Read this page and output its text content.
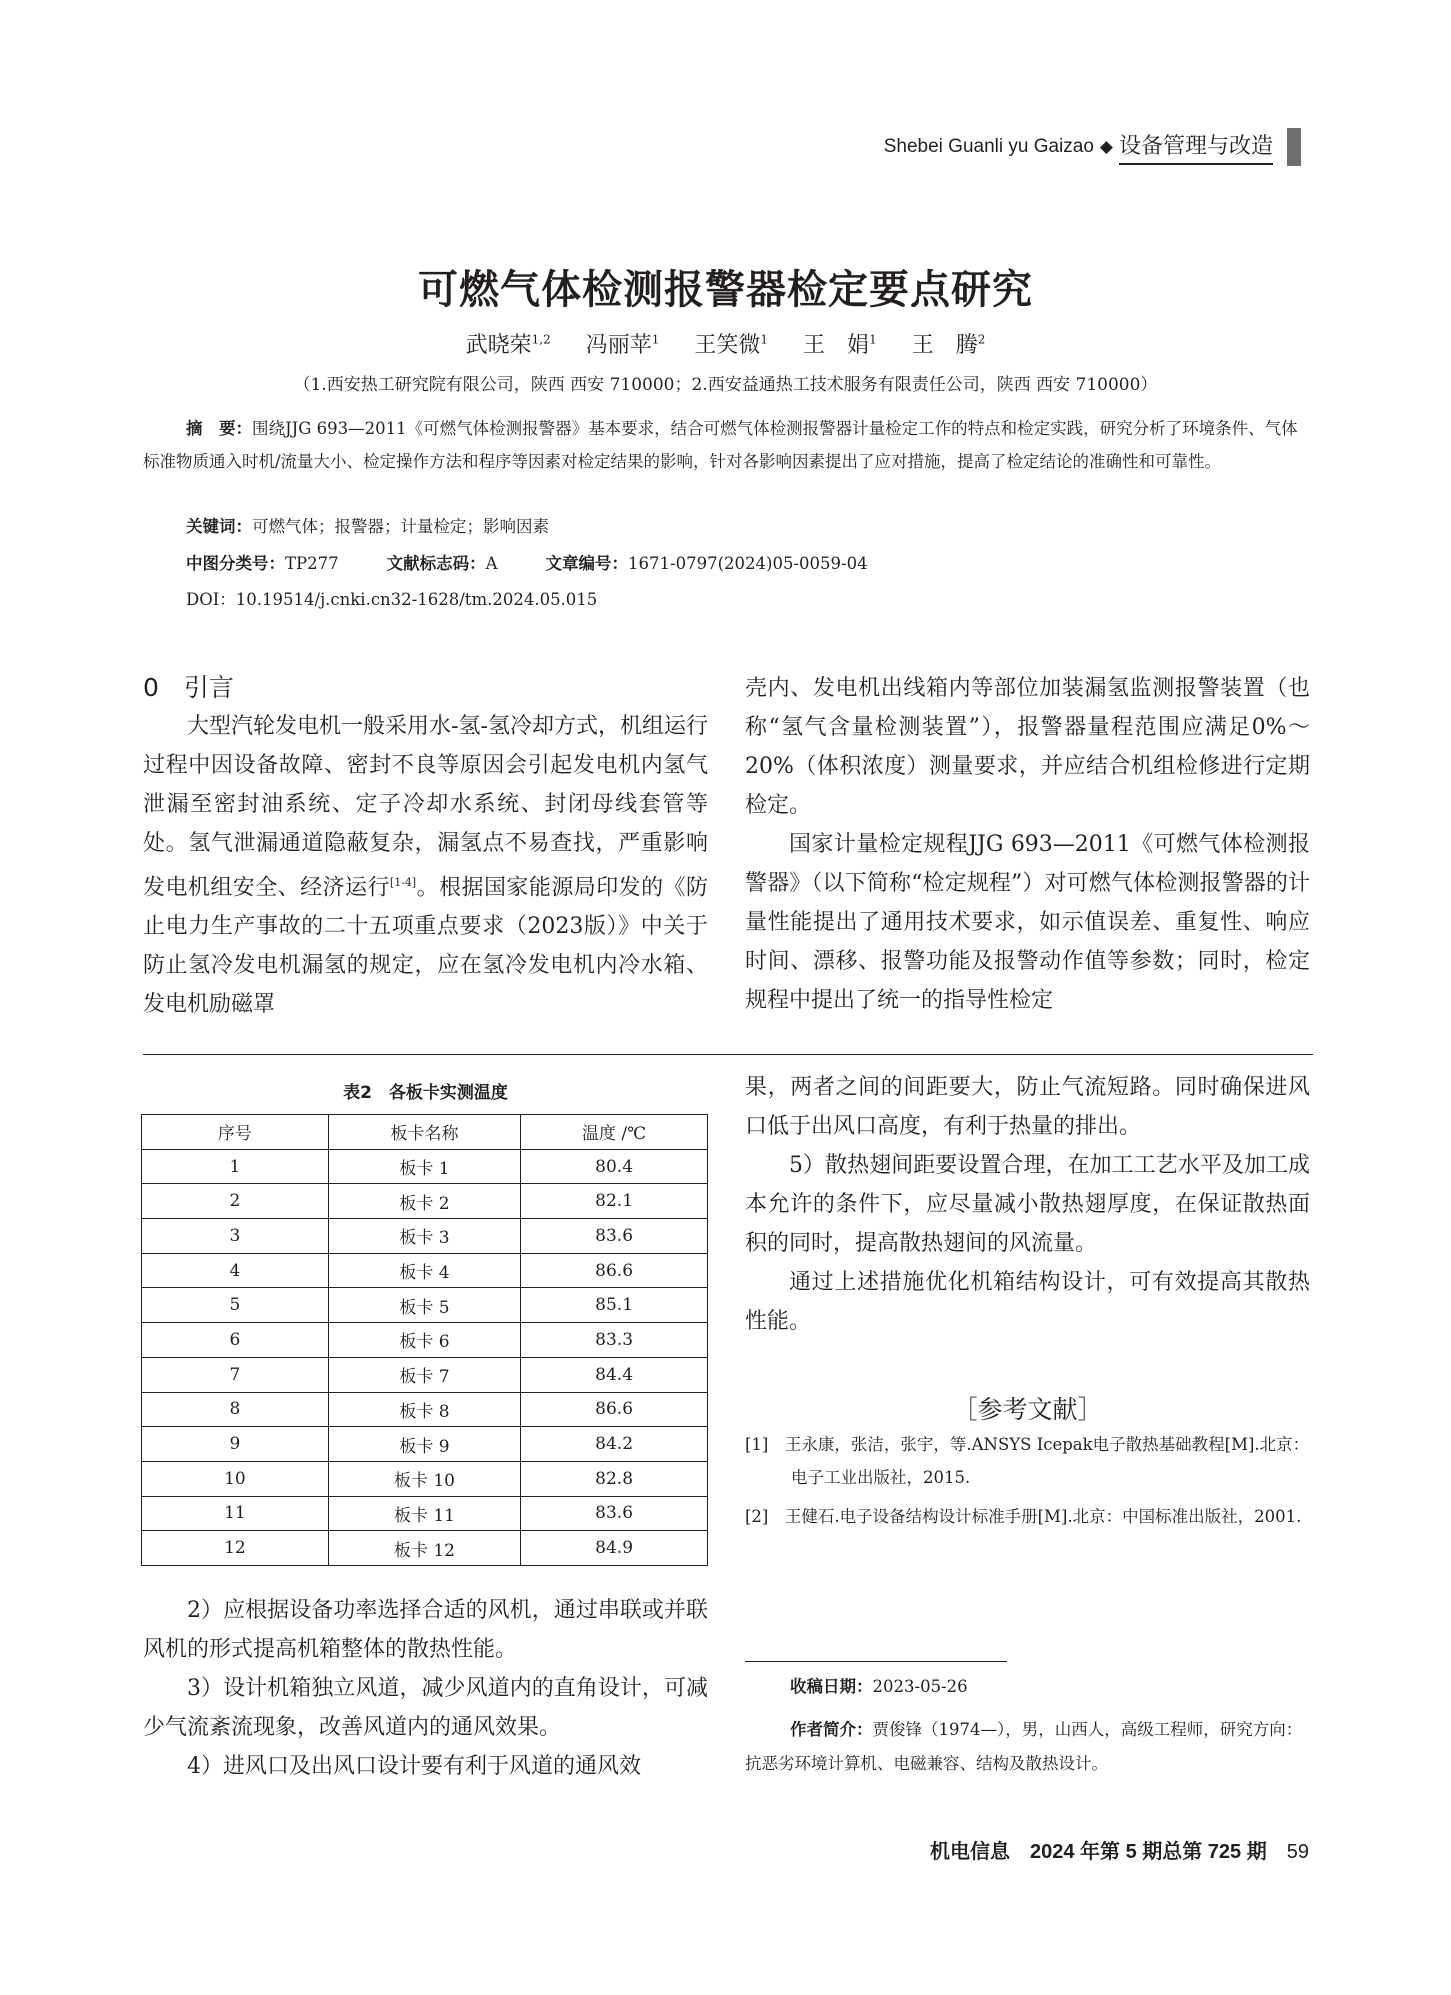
Shebei Guanli yu Gaizao ◆ 设备管理与改造
可燃气体检测报警器检定要点研究
武晓荣$^{1,2}$ 冯丽苹$^1$ 王笑微$^1$ 王　娟$^1$ 王　腾$^2$
（1.西安热工研究院有限公司，陕西 西安 710000；2.西安益通热工技术服务有限责任公司，陕西 西安 710000）
摘　要：围绕JJG 693—2011《可燃气体检测报警器》基本要求，结合可燃气体检测报警器计量检定工作的特点和检定实践，研究分析了环境条件、气体标准物质通入时机/流量大小、检定操作方法和程序等因素对检定结果的影响，针对各影响因素提出了应对措施，提高了检定结论的准确性和可靠性。
关键词：可燃气体；报警器；计量检定；影响因素
中图分类号：TP277	文献标志码：A	文章编号：1671-0797(2024)05-0059-04
DOI：10.19514/j.cnki.cn32-1628/tm.2024.05.015
0　引言

大型汽轮发电机一般采用水-氢-氢冷却方式，机组运行过程中因设备故障、密封不良等原因会引起发电机内氢气泄漏至密封油系统、定子冷却水系统、封闭母线套管等处。氢气泄漏通道隐蔽复杂，漏氢点不易查找，严重影响发电机组安全、经济运行[1-4]。根据国家能源局印发的《防止电力生产事故的二十五项重点要求（2023版）》中关于防止氢冷发电机漏氢的规定，应在氢冷发电机内冷水箱、发电机励磁罩

壳内、发电机出线箱内等部位加装漏氢监测报警装置（也称“氢气含量检测装置”），报警器量程范围应满足0%～20%（体积浓度）测量要求，并应结合机组检修进行定期检定。

国家计量检定规程JJG 693—2011《可燃气体检测报警器》（以下简称“检定规程”）对可燃气体检测报警器的计量性能提出了通用技术要求，如示值误差、重复性、响应时间、漂移、报警功能及报警动作值等参数；同时，检定规程中提出了统一的指导性检定

表2　各板卡实测温度
序号	板卡名称	温度 /℃
1	板卡 1	80.4
2	板卡 2	82.1
3	板卡 3	83.6
4	板卡 4	86.6
5	板卡 5	85.1
6	板卡 6	83.3
7	板卡 7	84.4
8	板卡 8	86.6
9	板卡 9	84.2
10	板卡 10	82.8
11	板卡 11	83.6
12	板卡 12	84.9

2）应根据设备功率选择合适的风机，通过串联或并联风机的形式提高机箱整体的散热性能。

3）设计机箱独立风道，减少风道内的直角设计，可减少气流紊流现象，改善风道内的通风效果。

4）进风口及出风口设计要有利于风道的通风效

果，两者之间的间距要大，防止气流短路。同时确保进风口低于出风口高度，有利于热量的排出。

5）散热翅间距要设置合理，在加工工艺水平及加工成本允许的条件下，应尽量减小散热翅厚度，在保证散热面积的同时，提高散热翅间的风流量。

通过上述措施优化机箱结构设计，可有效提高其散热性能。

［参考文献］
[1]　王永康，张洁，张宇，等.ANSYS Icepak电子散热基础教程[M].北京：电子工业出版社，2015.
[2]　王健石.电子设备结构设计标准手册[M].北京：中国标准出版社，2001.
收稿日期：2023-05-26
作者简介：贾俊锋（1974—），男，山西人，高级工程师，研究方向：抗恶劣环境计算机、电磁兼容、结构及散热设计。
机电信息　2024 年第 5 期总第 725 期 59
